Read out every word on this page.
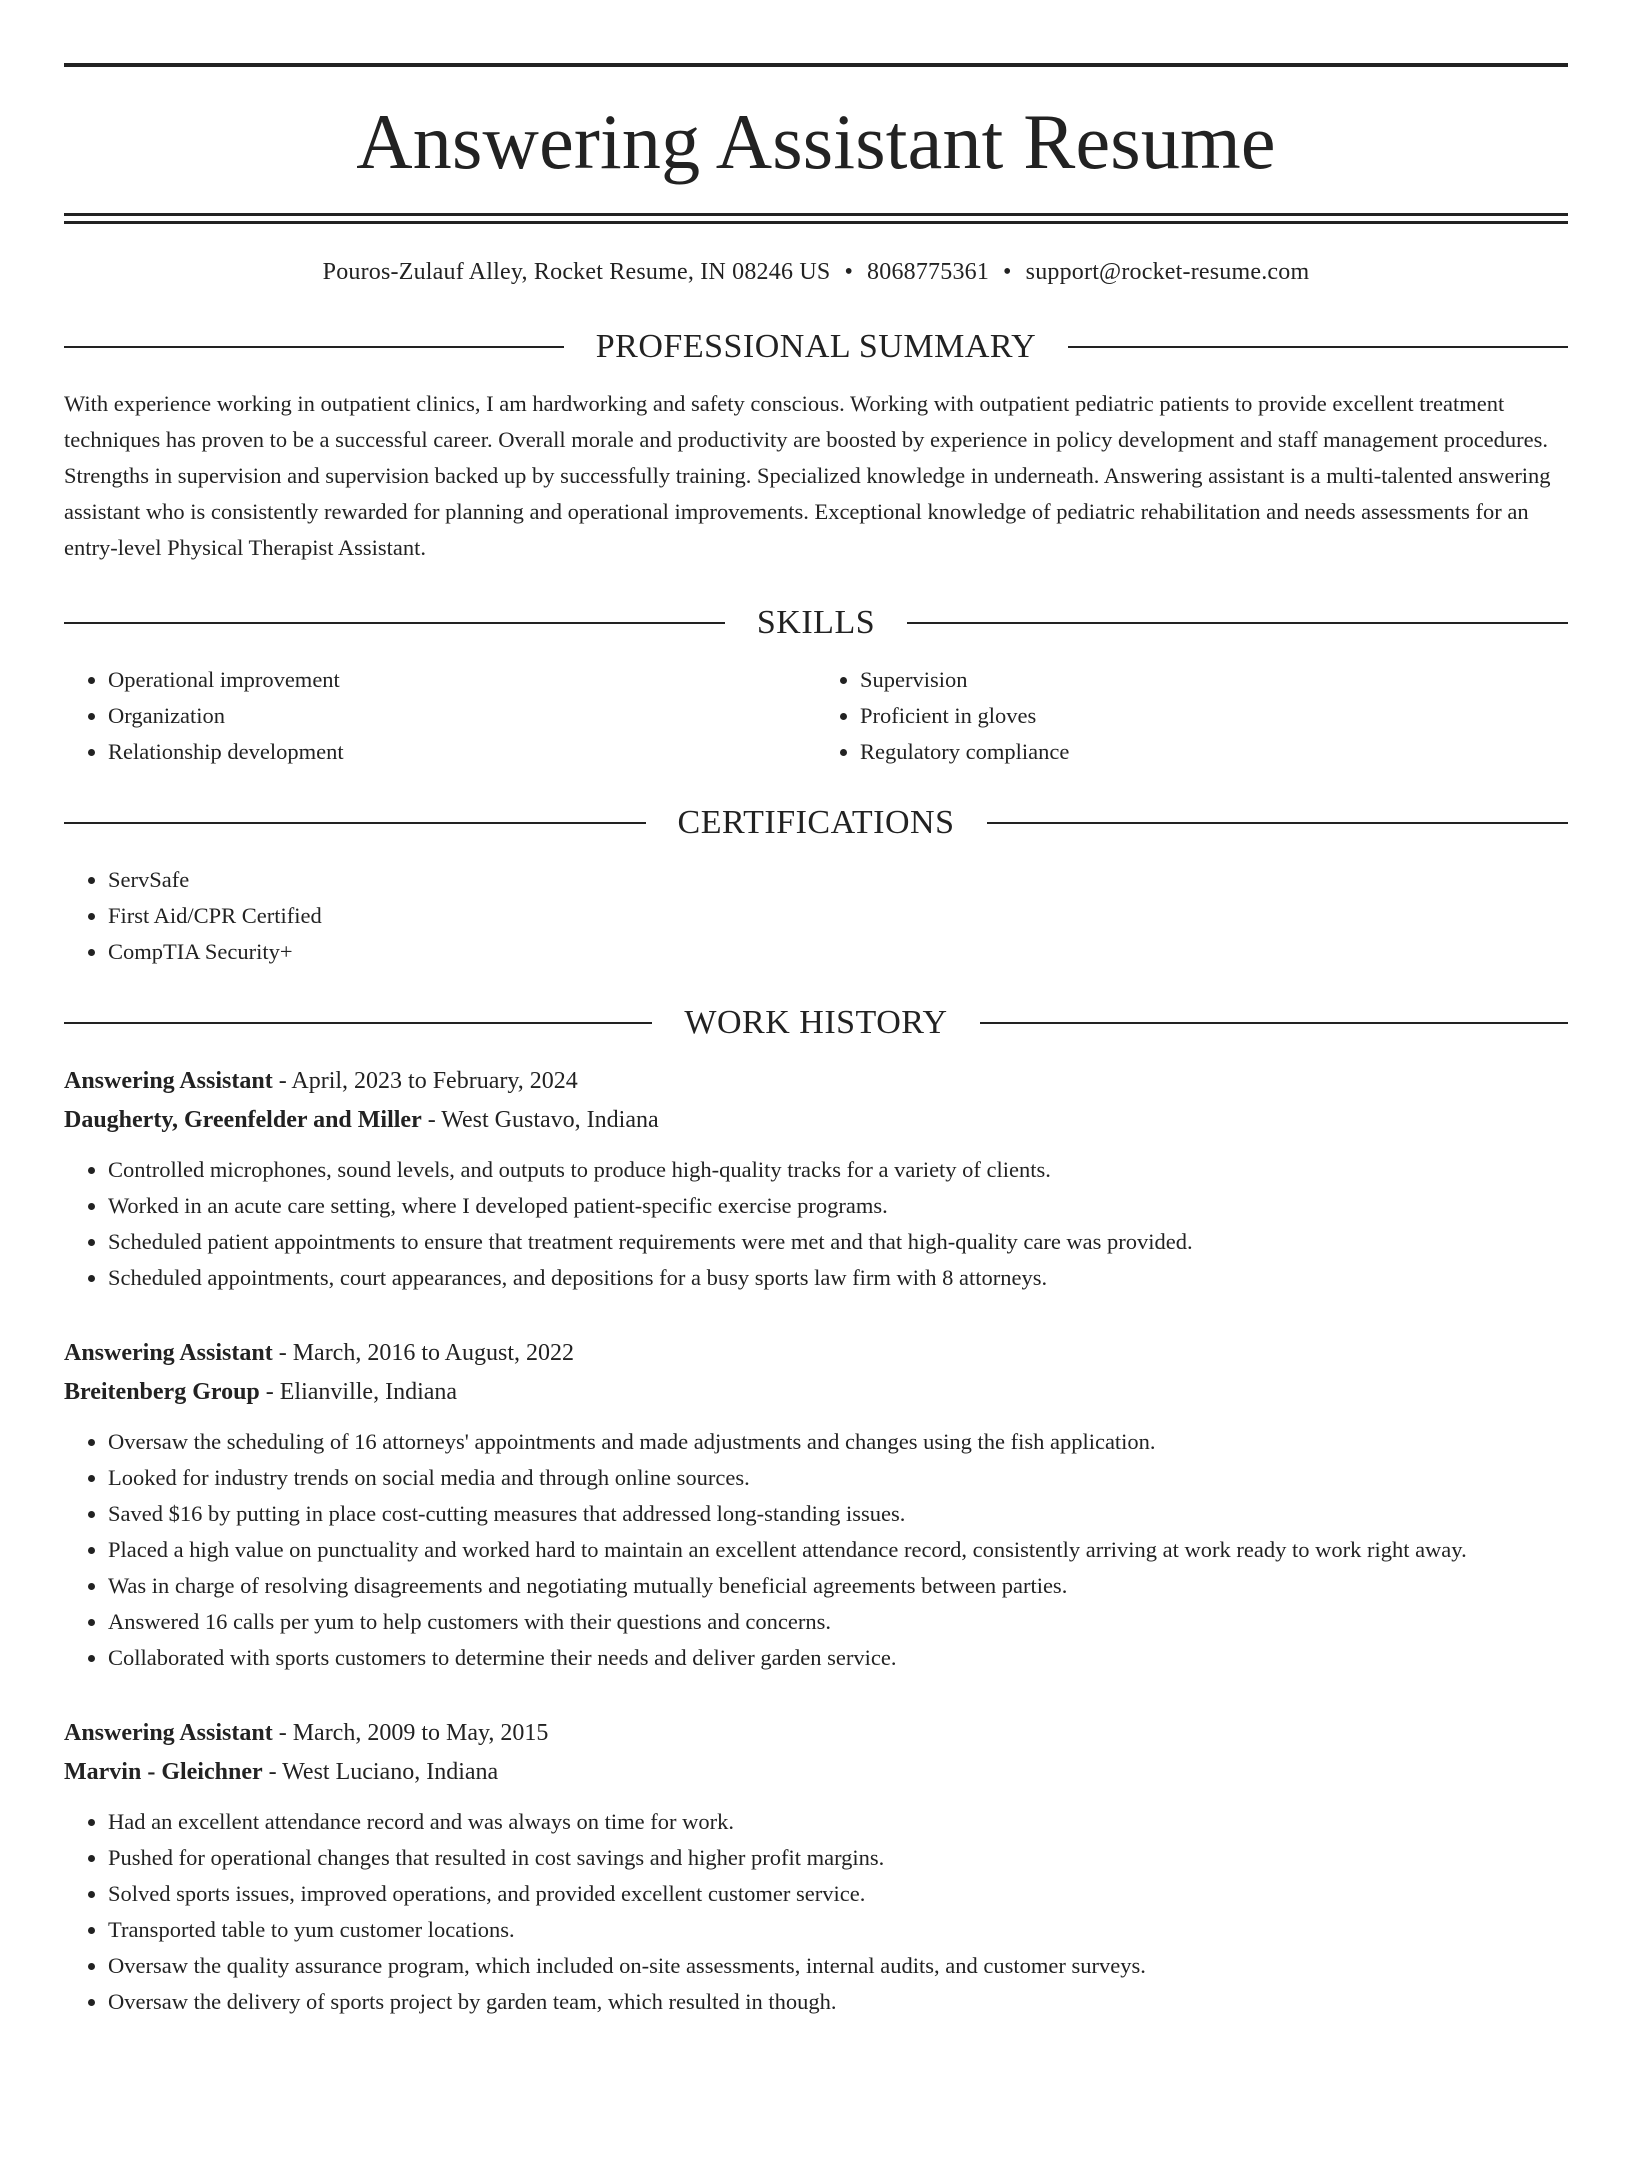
Answering Assistant Resume
Pouros-Zulauf Alley, Rocket Resume, IN 08246 US • 8068775361 • support@rocket-resume.com
PROFESSIONAL SUMMARY

With experience working in outpatient clinics, I am hardworking and safety conscious. Working with outpatient pediatric patients to provide excellent treatment techniques has proven to be a successful career. Overall morale and productivity are boosted by experience in policy development and staff management procedures. Strengths in supervision and supervision backed up by successfully training. Specialized knowledge in underneath. Answering assistant is a multi-talented answering assistant who is consistently rewarded for planning and operational improvements. Exceptional knowledge of pediatric rehabilitation and needs assessments for an entry-level Physical Therapist Assistant.

SKILLS
• Operational improvement
• Organization
• Relationship development
• Supervision
• Proficient in gloves
• Regulatory compliance
CERTIFICATIONS
• ServSafe
• First Aid/CPR Certified
• CompTIA Security+
WORK HISTORY
Answering Assistant - April, 2023 to February, 2024
Daugherty, Greenfelder and Miller - West Gustavo, Indiana
• Controlled microphones, sound levels, and outputs to produce high-quality tracks for a variety of clients.
• Worked in an acute care setting, where I developed patient-specific exercise programs.
• Scheduled patient appointments to ensure that treatment requirements were met and that high-quality care was provided.
• Scheduled appointments, court appearances, and depositions for a busy sports law firm with 8 attorneys.
Answering Assistant - March, 2016 to August, 2022
Breitenberg Group - Elianville, Indiana
• Oversaw the scheduling of 16 attorneys' appointments and made adjustments and changes using the fish application.
• Looked for industry trends on social media and through online sources.
• Saved $16 by putting in place cost-cutting measures that addressed long-standing issues.
• Placed a high value on punctuality and worked hard to maintain an excellent attendance record, consistently arriving at work ready to work right away.
• Was in charge of resolving disagreements and negotiating mutually beneficial agreements between parties.
• Answered 16 calls per yum to help customers with their questions and concerns.
• Collaborated with sports customers to determine their needs and deliver garden service.
Answering Assistant - March, 2009 to May, 2015
Marvin - Gleichner - West Luciano, Indiana
• Had an excellent attendance record and was always on time for work.
• Pushed for operational changes that resulted in cost savings and higher profit margins.
• Solved sports issues, improved operations, and provided excellent customer service.
• Transported table to yum customer locations.
• Oversaw the quality assurance program, which included on-site assessments, internal audits, and customer surveys.
• Oversaw the delivery of sports project by garden team, which resulted in though.
